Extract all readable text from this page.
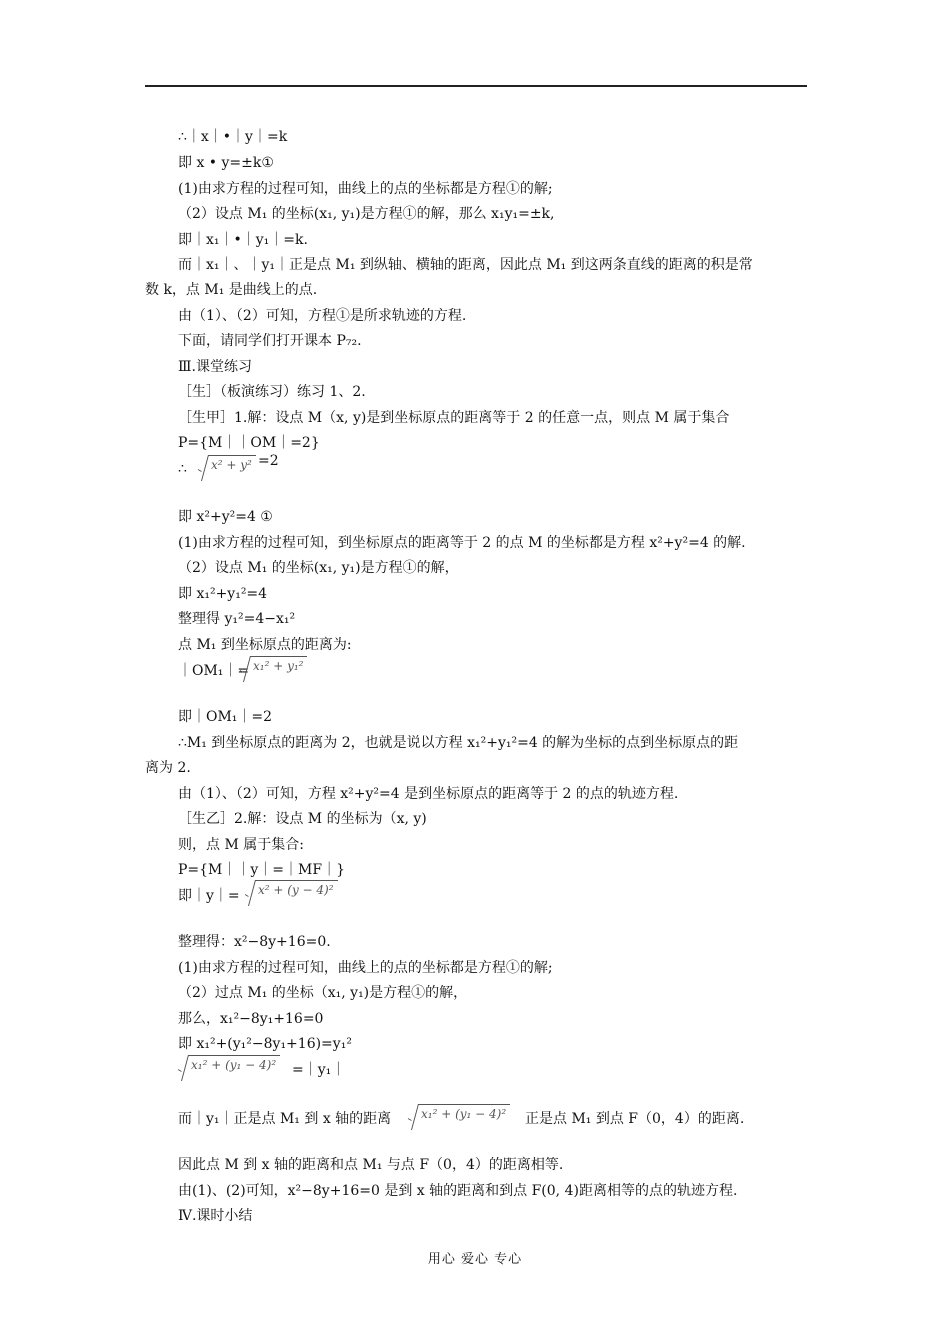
∴｜x｜•｜y｜=k
即 x • y=±k①
(1)由求方程的过程可知，曲线上的点的坐标都是方程①的解;
（2）设点 M₁ 的坐标(x₁, y₁)是方程①的解，那么 x₁y₁=±k,
即｜x₁｜•｜y₁｜=k.
而｜x₁｜、｜y₁｜正是点 M₁ 到纵轴、横轴的距离，因此点 M₁ 到这两条直线的距离的积是常
数 k，点 M₁ 是曲线上的点.
由（1）、（2）可知，方程①是所求轨迹的方程.
下面，请同学们打开课本 P₇₂.
Ⅲ.课堂练习
［生］（板演练习）练习 1、2.
［生甲］1.解：设点 M（x, y)是到坐标原点的距离等于 2 的任意一点，则点 M 属于集合
P={M｜｜OM｜=2}
∴
即 x²+y²=4 ①
(1)由求方程的过程可知，到坐标原点的距离等于 2 的点 M 的坐标都是方程 x²+y²=4 的解.
（2）设点 M₁ 的坐标(x₁, y₁)是方程①的解，
即 x₁²+y₁²=4
整理得 y₁²=4−x₁²
点 M₁ 到坐标原点的距离为:
｜OM₁｜=
即｜OM₁｜=2
∴M₁ 到坐标原点的距离为 2，也就是说以方程 x₁²+y₁²=4 的解为坐标的点到坐标原点的距
离为 2.
由（1）、（2）可知，方程 x²+y²=4 是到坐标原点的距离等于 2 的点的轨迹方程.
［生乙］2.解：设点 M 的坐标为（x, y)
则，点 M 属于集合:
P={M｜｜y｜=｜MF｜}
即｜y｜=
整理得：x²−8y+16=0.
(1)由求方程的过程可知，曲线上的点的坐标都是方程①的解;
（2）过点 M₁ 的坐标（x₁, y₁)是方程①的解，
那么，x₁²−8y₁+16=0
即 x₁²+(y₁²−8y₁+16)=y₁²
=｜y₁｜
而｜y₁｜正是点 M₁ 到 x 轴的距离	正是点 M₁ 到点 F（0，4）的距离.
因此点 M 到 x 轴的距离和点 M₁ 与点 F（0，4）的距离相等.
由(1)、(2)可知，x²−8y+16=0 是到 x 轴的距离和到点 F(0, 4)距离相等的点的轨迹方程.
Ⅳ.课时小结
x² + y²
x₁² + y₁²
x² + (y − 4)²
x₁² + (y₁ − 4)²
x₁² + (y₁ − 4)²
=2
用心 爱心 专心
